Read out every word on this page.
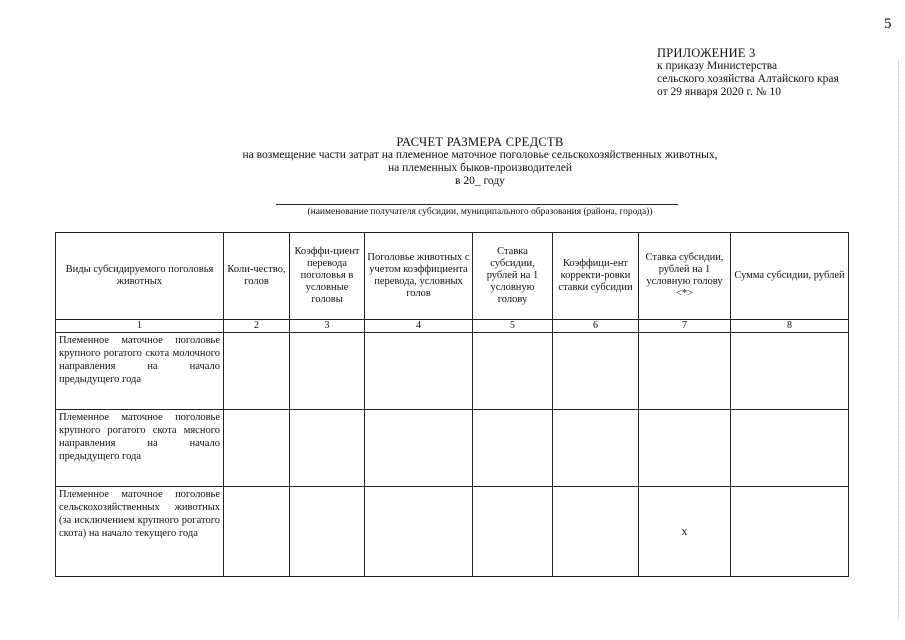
5
ПРИЛОЖЕНИЕ 3
к приказу Министерства
сельского хозяйства Алтайского края
от 29 января 2020 г. № 10
РАСЧЕТ РАЗМЕРА СРЕДСТВ
на возмещение части затрат на племенное маточное поголовье сельскохозяйственных животных,
на племенных быков-производителей
в 20_ году
(наименование получателя субсидии, муниципального образования (района, города))
Виды субсидируемого поголовья животных	Коли-чество, голов	Коэффи-циент перевода поголовья в условные головы	Поголовье животных с учетом коэффициента перевода, условных голов	Ставка субсидии, рублей на 1 условную голову	Коэффици-ент корректи-ровки ставки субсидии	Ставка субсидии, рублей на 1 условную голову <*>	Сумма субсидии, рублей
1	2	3	4	5	6	7	8
Племенное маточное поголовье крупного рогатого скота молочного направления на начало предыдущего года							
Племенное маточное поголовье крупного рогатого скота мясного направления на начало предыдущего года							
Племенное маточное поголовье сельскохозяйственных животных (за исключением крупного рогатого скота) на начало текущего года						x	
